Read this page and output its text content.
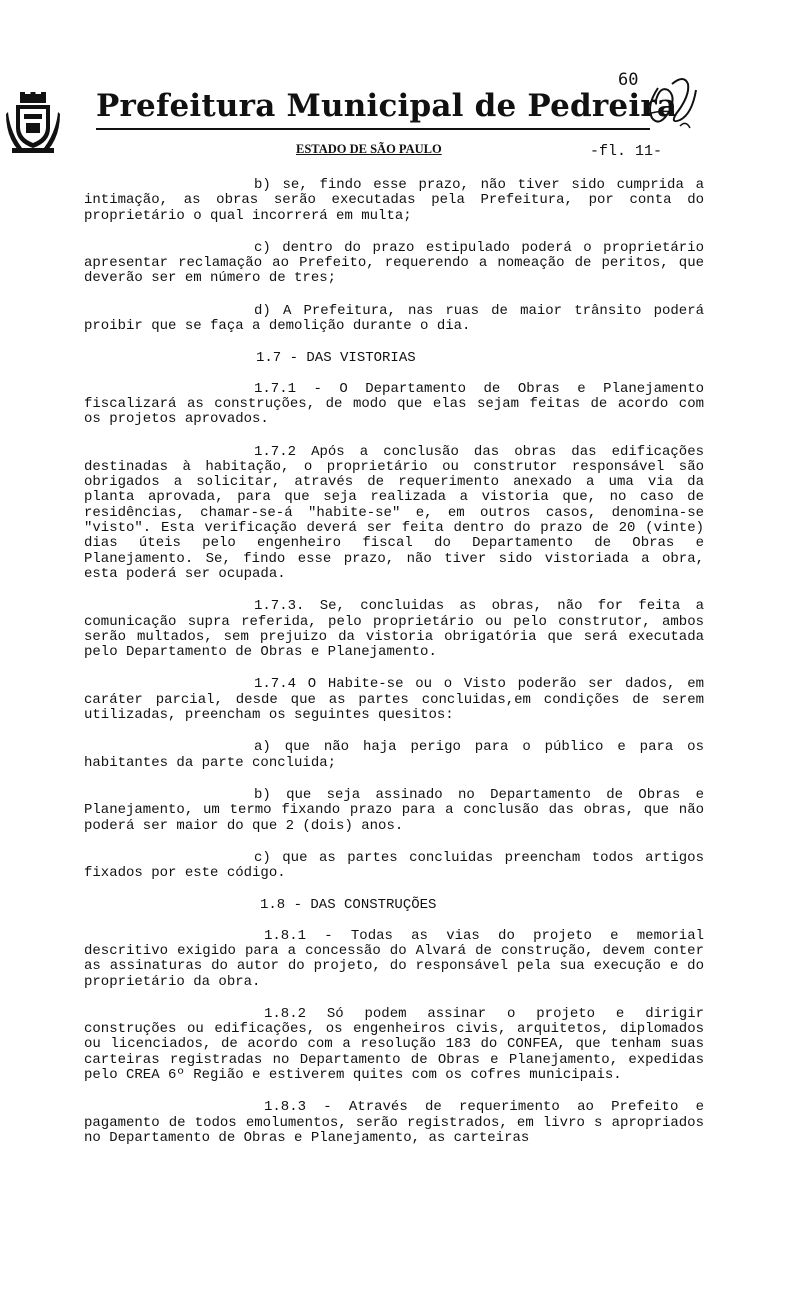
Prefeitura Municipal de Pedreira
ESTADO DE SÃO PAULO	-fl. 11-
60

b) se, findo esse prazo, não tiver sido cumprida a intimação, as obras serão executadas pela Prefeitura, por conta do proprietário o qual incorrerá em multa;

c) dentro do prazo estipulado poderá o proprietário apresentar reclamação ao Prefeito, requerendo a nomeação de peritos, que deverão ser em número de tres;

d) A Prefeitura, nas ruas de maior trânsito poderá proibir que se faça a demolição durante o dia.

1.7 - DAS VISTORIAS

1.7.1 - O Departamento de Obras e Planejamento fiscalizará as construções, de modo que elas sejam feitas de acordo com os projetos aprovados.

1.7.2 Após a conclusão das obras das edificações destinadas à habitação, o proprietário ou construtor responsável são obrigados a solicitar, através de requerimento anexado a uma via da planta aprovada, para que seja realizada a vistoria que, no caso de residências, chamar-se-á "habite-se" e, em outros casos, denomina-se "visto". Esta verificação deverá ser feita dentro do prazo de 20 (vinte) dias úteis pelo engenheiro fiscal do Departamento de Obras e Planejamento. Se, findo esse prazo, não tiver sido vistoriada a obra, esta poderá ser ocupada.

1.7.3. Se, concluidas as obras, não for feita a comunicação supra referida, pelo proprietário ou pelo construtor, ambos serão multados, sem prejuizo da vistoria obrigatória que será executada pelo Departamento de Obras e Planejamento.

1.7.4 O Habite-se ou o Visto poderão ser dados, em caráter parcial, desde que as partes concluidas,em condições de serem utilizadas, preencham os seguintes quesitos:

a) que não haja perigo para o público e para os habitantes da parte concluida;

b) que seja assinado no Departamento de Obras e Planejamento, um termo fixando prazo para a conclusão das obras, que não poderá ser maior do que 2 (dois) anos.

c) que as partes concluidas preencham todos artigos fixados por este código.

1.8 - DAS CONSTRUÇÕES

1.8.1 - Todas as vias do projeto e memorial descritivo exigido para a concessão do Alvará de construção, devem conter as assinaturas do autor do projeto, do responsável pela sua execução e do proprietário da obra.

1.8.2 Só podem assinar o projeto e dirigir construções ou edificações, os engenheiros civis, arquitetos, diplomados ou licenciados, de acordo com a resolução 183 do CONFEA, que tenham suas carteiras registradas no Departamento de Obras e Planejamento, expedidas pelo CREA 6º Região e estiverem quites com os cofres municipais.

1.8.3 - Através de requerimento ao Prefeito e pagamento de todos emolumentos, serão registrados, em livro s apropriados no Departamento de Obras e Planejamento, as carteiras
